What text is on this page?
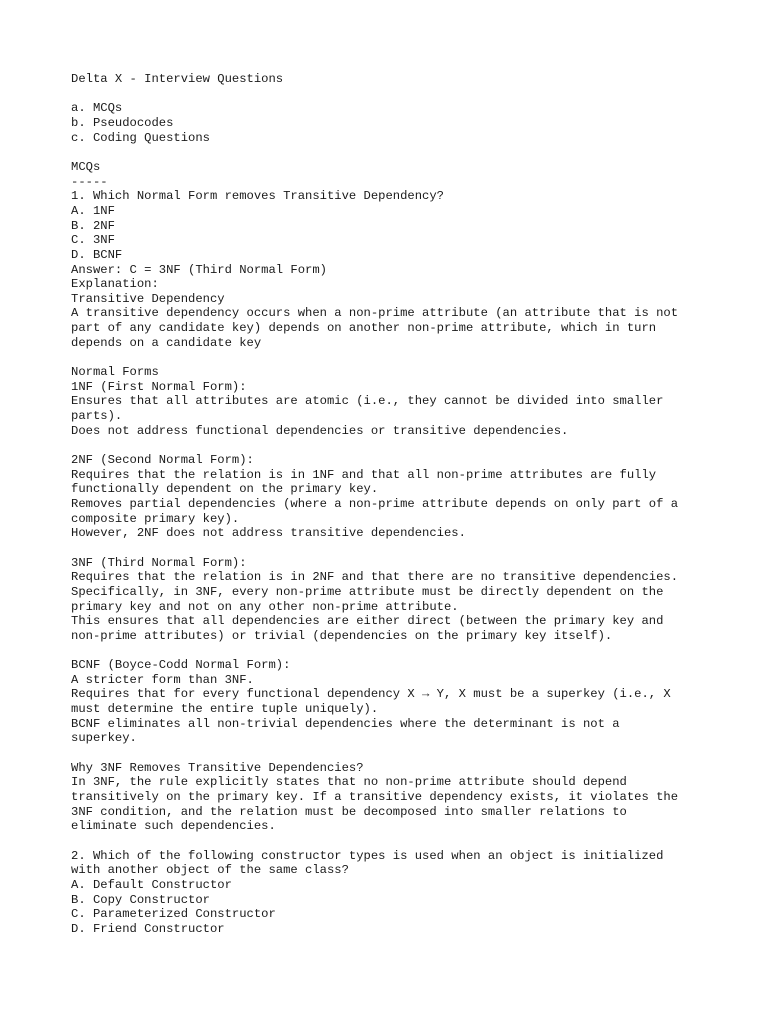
Delta X - Interview Questions

a. MCQs

b. Pseudocodes

c. Coding Questions

MCQs

-----

1. Which Normal Form removes Transitive Dependency?

A. 1NF

B. 2NF

C. 3NF

D. BCNF

Answer: C = 3NF (Third Normal Form)

Explanation:

Transitive Dependency

A transitive dependency occurs when a non-prime attribute (an attribute that is not

part of any candidate key) depends on another non-prime attribute, which in turn

depends on a candidate key

Normal Forms

1NF (First Normal Form):

Ensures that all attributes are atomic (i.e., they cannot be divided into smaller

parts).

Does not address functional dependencies or transitive dependencies.

2NF (Second Normal Form):

Requires that the relation is in 1NF and that all non-prime attributes are fully

functionally dependent on the primary key.

Removes partial dependencies (where a non-prime attribute depends on only part of a

composite primary key).

However, 2NF does not address transitive dependencies.

3NF (Third Normal Form):

Requires that the relation is in 2NF and that there are no transitive dependencies.

Specifically, in 3NF, every non-prime attribute must be directly dependent on the

primary key and not on any other non-prime attribute.

This ensures that all dependencies are either direct (between the primary key and

non-prime attributes) or trivial (dependencies on the primary key itself).

BCNF (Boyce-Codd Normal Form):

A stricter form than 3NF.

Requires that for every functional dependency X → Y, X must be a superkey (i.e., X

must determine the entire tuple uniquely).

BCNF eliminates all non-trivial dependencies where the determinant is not a

superkey.

Why 3NF Removes Transitive Dependencies?

In 3NF, the rule explicitly states that no non-prime attribute should depend

transitively on the primary key. If a transitive dependency exists, it violates the

3NF condition, and the relation must be decomposed into smaller relations to

eliminate such dependencies.

2. Which of the following constructor types is used when an object is initialized

with another object of the same class?

A. Default Constructor

B. Copy Constructor

C. Parameterized Constructor

D. Friend Constructor
